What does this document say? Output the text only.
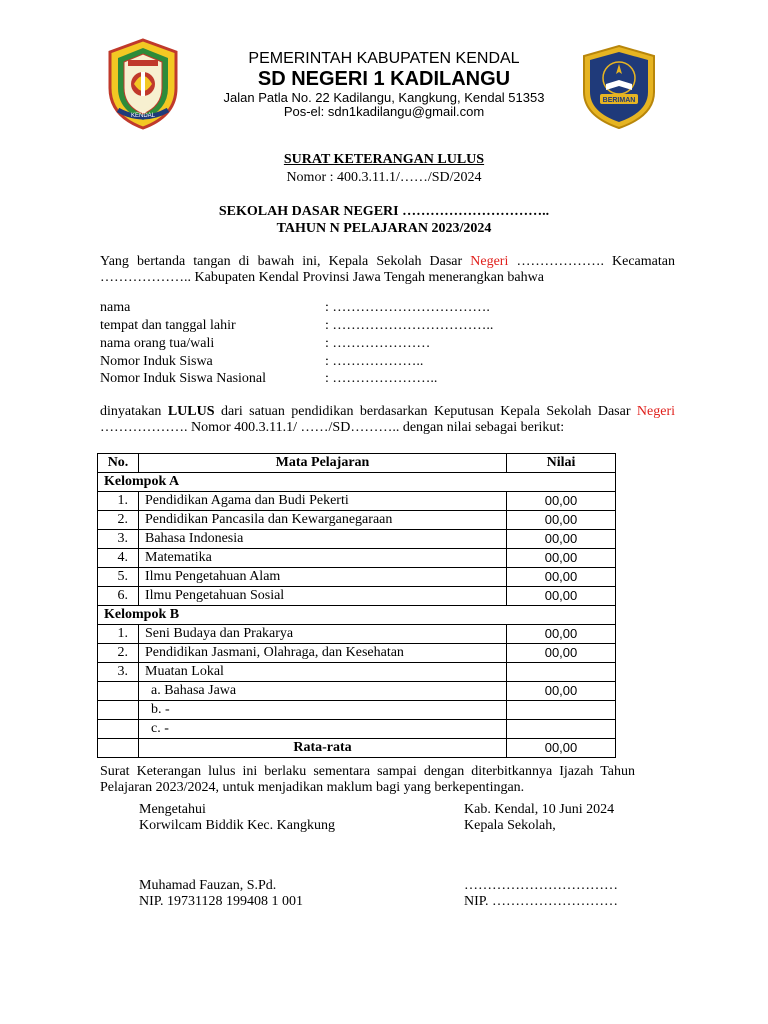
KENDAL
BERIMAN
PEMERINTAH KABUPATEN KENDAL
SD NEGERI 1 KADILANGU
Jalan Patla No. 22 Kadilangu, Kangkung, Kendal 51353
Pos-el: sdn1kadilangu@gmail.com
SURAT KETERANGAN LULUS
Nomor : 400.3.11.1/……/SD/2024
SEKOLAH DASAR NEGERI …………………………..
TAHUN N PELAJARAN 2023/2024
Yang bertanda tangan di bawah ini, Kepala Sekolah Dasar Negeri ………………. Kecamatan ……………….. Kabupaten Kendal Provinsi Jawa Tengah menerangkan bahwa
nama	: …………………………….
tempat dan tanggal lahir	: ……………………………..
nama orang tua/wali	: …………………
Nomor Induk Siswa	: ………………..
Nomor Induk Siswa Nasional	: …………………..
dinyatakan LULUS dari satuan pendidikan berdasarkan Keputusan Kepala Sekolah Dasar Negeri ………………. Nomor 400.3.11.1/ ……/SD……….. dengan nilai sebagai berikut:
No.	Mata Pelajaran	Nilai
Kelompok A		
1.	Pendidikan Agama dan Budi Pekerti	00,00
2.	Pendidikan Pancasila dan Kewarganegaraan	00,00
3.	Bahasa Indonesia	00,00
4.	Matematika	00,00
5.	Ilmu Pengetahuan Alam	00,00
6.	Ilmu Pengetahuan Sosial	00,00
Kelompok B		
1.	Seni Budaya dan Prakarya	00,00
2.	Pendidikan Jasmani, Olahraga, dan Kesehatan	00,00
3.	Muatan Lokal	
	a. Bahasa Jawa	00,00
	b. -	
	c. -	
	Rata-rata	00,00
Surat Keterangan lulus ini berlaku sementara sampai dengan diterbitkannya Ijazah Tahun Pelajaran 2023/2024, untuk menjadikan maklum bagi yang berkepentingan.
Mengetahui
Korwilcam Biddik Kec. Kangkung
Muhamad Fauzan, S.Pd.
NIP. 19731128 199408 1 001
Kab. Kendal, 10 Juni 2024
Kepala Sekolah,
……………………………
NIP. ………………………
